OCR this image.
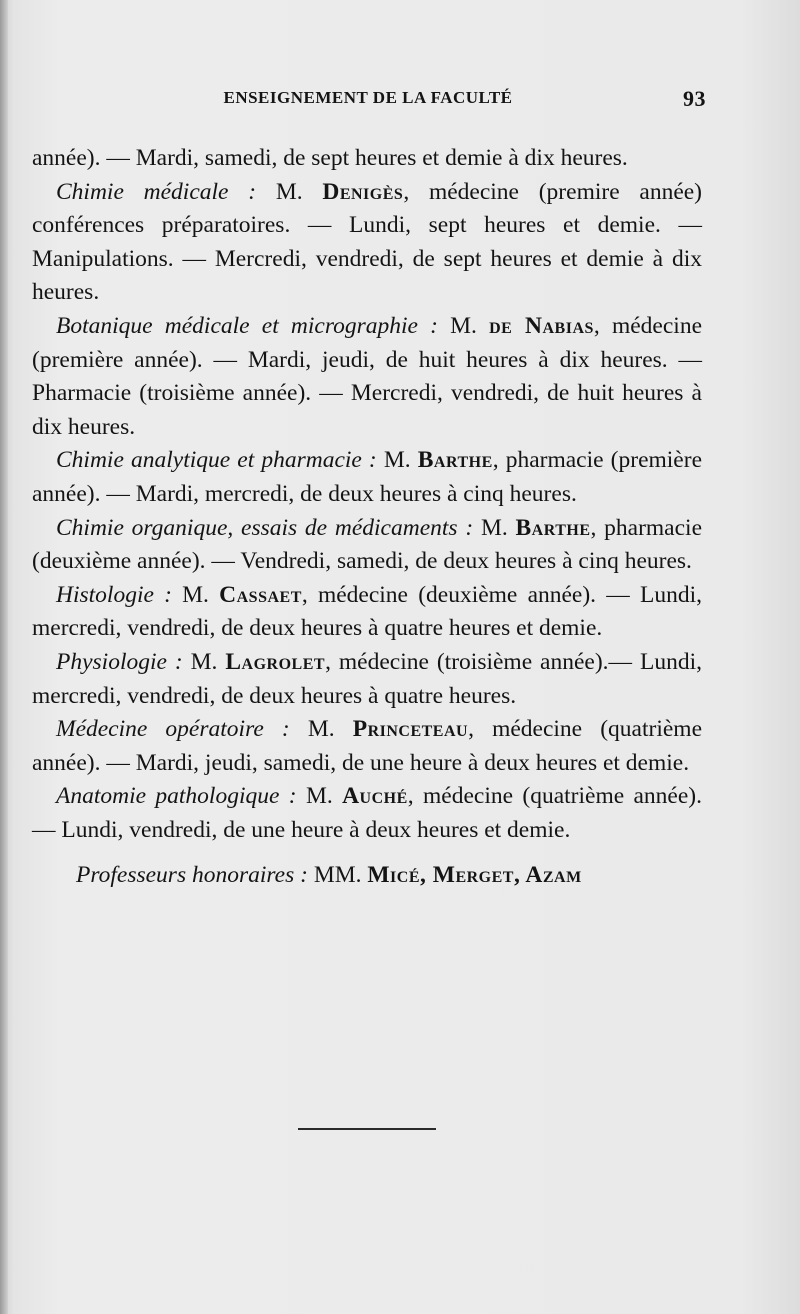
ENSEIGNEMENT DE LA FACULTÉ	93

année). — Mardi, samedi, de sept heures et demie à dix heures.

Chimie médicale : M. Denigès, médecine (premire année) conférences préparatoires. — Lundi, sept heures et demie. — Manipulations. — Mercredi, vendredi, de sept heures et demie à dix heures.

Botanique médicale et micrographie : M. de Nabias, médecine (première année). — Mardi, jeudi, de huit heures à dix heures. — Pharmacie (troisième année). — Mercredi, vendredi, de huit heures à dix heures.

Chimie analytique et pharmacie : M. Barthe, pharmacie (première année). — Mardi, mercredi, de deux heures à cinq heures.

Chimie organique, essais de médicaments : M. Barthe, pharmacie (deuxième année). — Vendredi, samedi, de deux heures à cinq heures.

Histologie : M. Cassaet, médecine (deuxième année). — Lundi, mercredi, vendredi, de deux heures à quatre heures et demie.

Physiologie : M. Lagrolet, médecine (troisième année).— Lundi, mercredi, vendredi, de deux heures à quatre heures.

Médecine opératoire : M. Princeteau, médecine (quatrième année). — Mardi, jeudi, samedi, de une heure à deux heures et demie.

Anatomie pathologique : M. Auché, médecine (quatrième année). — Lundi, vendredi, de une heure à deux heures et demie.

Professeurs honoraires : MM. Micé, Merget, Azam
